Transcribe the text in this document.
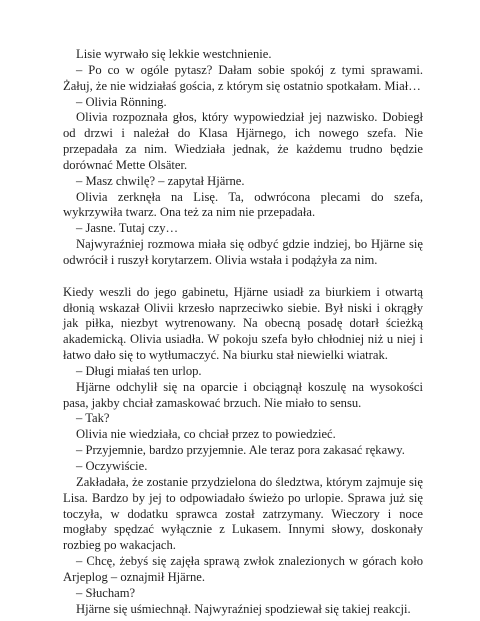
Lisie wyrwało się lekkie westchnienie.

– Po co w ogóle pytasz? Dałam sobie spokój z tymi sprawami. Żałuj, że nie widziałaś gościa, z którym się ostatnio spotkałam. Miał…

– Olivia Rönning.

Olivia rozpoznała głos, który wypowiedział jej nazwisko. Dobiegł od drzwi i należał do Klasa Hjärnego, ich nowego szefa. Nie przepadała za nim. Wiedziała jednak, że każdemu trudno będzie dorównać Mette Olsäter.

– Masz chwilę? – zapytał Hjärne.

Olivia zerknęła na Lisę. Ta, odwrócona plecami do szefa, wykrzywiła twarz. Ona też za nim nie przepadała.

– Jasne. Tutaj czy…

Najwyraźniej rozmowa miała się odbyć gdzie indziej, bo Hjärne się odwrócił i ruszył korytarzem. Olivia wstała i podążyła za nim.

Kiedy weszli do jego gabinetu, Hjärne usiadł za biurkiem i otwartą dłonią wskazał Olivii krzesło naprzeciwko siebie. Był niski i okrągły jak piłka, niezbyt wytrenowany. Na obecną posadę dotarł ścieżką akademicką. Olivia usiadła. W pokoju szefa było chłodniej niż u niej i łatwo dało się to wytłumaczyć. Na biurku stał niewielki wiatrak.

– Długi miałaś ten urlop.

Hjärne odchylił się na oparcie i obciągnął koszulę na wysokości pasa, jakby chciał zamaskować brzuch. Nie miało to sensu.

– Tak?

Olivia nie wiedziała, co chciał przez to powiedzieć.

– Przyjemnie, bardzo przyjemnie. Ale teraz pora zakasać rękawy.

– Oczywiście.

Zakładała, że zostanie przydzielona do śledztwa, którym zajmuje się Lisa. Bardzo by jej to odpowiadało świeżo po urlopie. Sprawa już się toczyła, w dodatku sprawca został zatrzymany. Wieczory i noce mogłaby spędzać wyłącznie z Lukasem. Innymi słowy, doskonały rozbieg po wakacjach.

– Chcę, żebyś się zajęła sprawą zwłok znalezionych w górach koło Arjeplog – oznajmił Hjärne.

– Słucham?

Hjärne się uśmiechnął. Najwyraźniej spodziewał się takiej reakcji.
